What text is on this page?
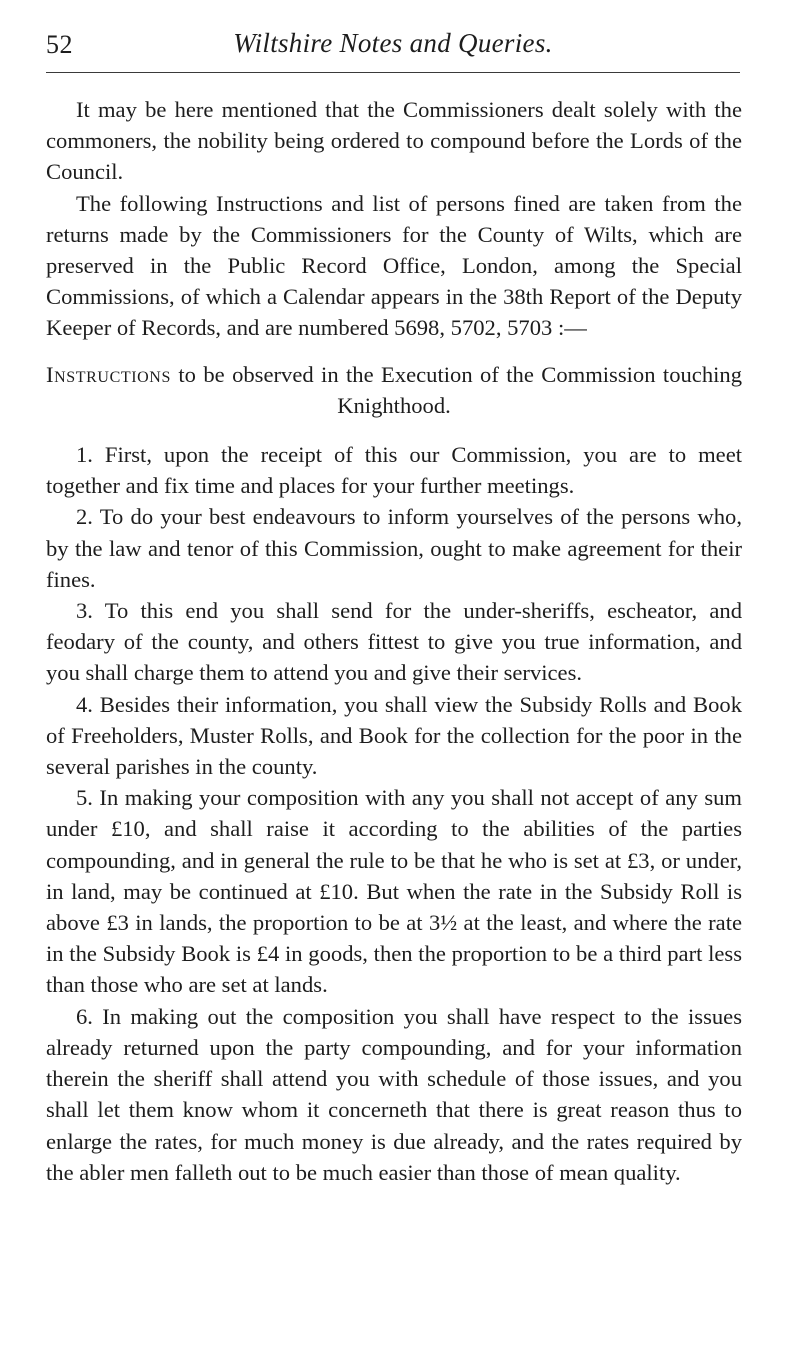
52	Wiltshire Notes and Queries.

It may be here mentioned that the Commissioners dealt solely with the commoners, the nobility being ordered to compound before the Lords of the Council.

The following Instructions and list of persons fined are taken from the returns made by the Commissioners for the County of Wilts, which are preserved in the Public Record Office, London, among the Special Commissions, of which a Calendar appears in the 38th Report of the Deputy Keeper of Records, and are numbered 5698, 5702, 5703 :—

Instructions to be observed in the Execution of the Commission touching Knighthood.

1. First, upon the receipt of this our Commission, you are to meet together and fix time and places for your further meetings.

2. To do your best endeavours to inform yourselves of the persons who, by the law and tenor of this Commission, ought to make agreement for their fines.

3. To this end you shall send for the under-sheriffs, escheator, and feodary of the county, and others fittest to give you true information, and you shall charge them to attend you and give their services.

4. Besides their information, you shall view the Subsidy Rolls and Book of Freeholders, Muster Rolls, and Book for the collection for the poor in the several parishes in the county.

5. In making your composition with any you shall not accept of any sum under £10, and shall raise it according to the abilities of the parties compounding, and in general the rule to be that he who is set at £3, or under, in land, may be continued at £10. But when the rate in the Subsidy Roll is above £3 in lands, the proportion to be at 3½ at the least, and where the rate in the Subsidy Book is £4 in goods, then the proportion to be a third part less than those who are set at lands.

6. In making out the composition you shall have respect to the issues already returned upon the party compounding, and for your information therein the sheriff shall attend you with schedule of those issues, and you shall let them know whom it concerneth that there is great reason thus to enlarge the rates, for much money is due already, and the rates required by the abler men falleth out to be much easier than those of mean quality.
